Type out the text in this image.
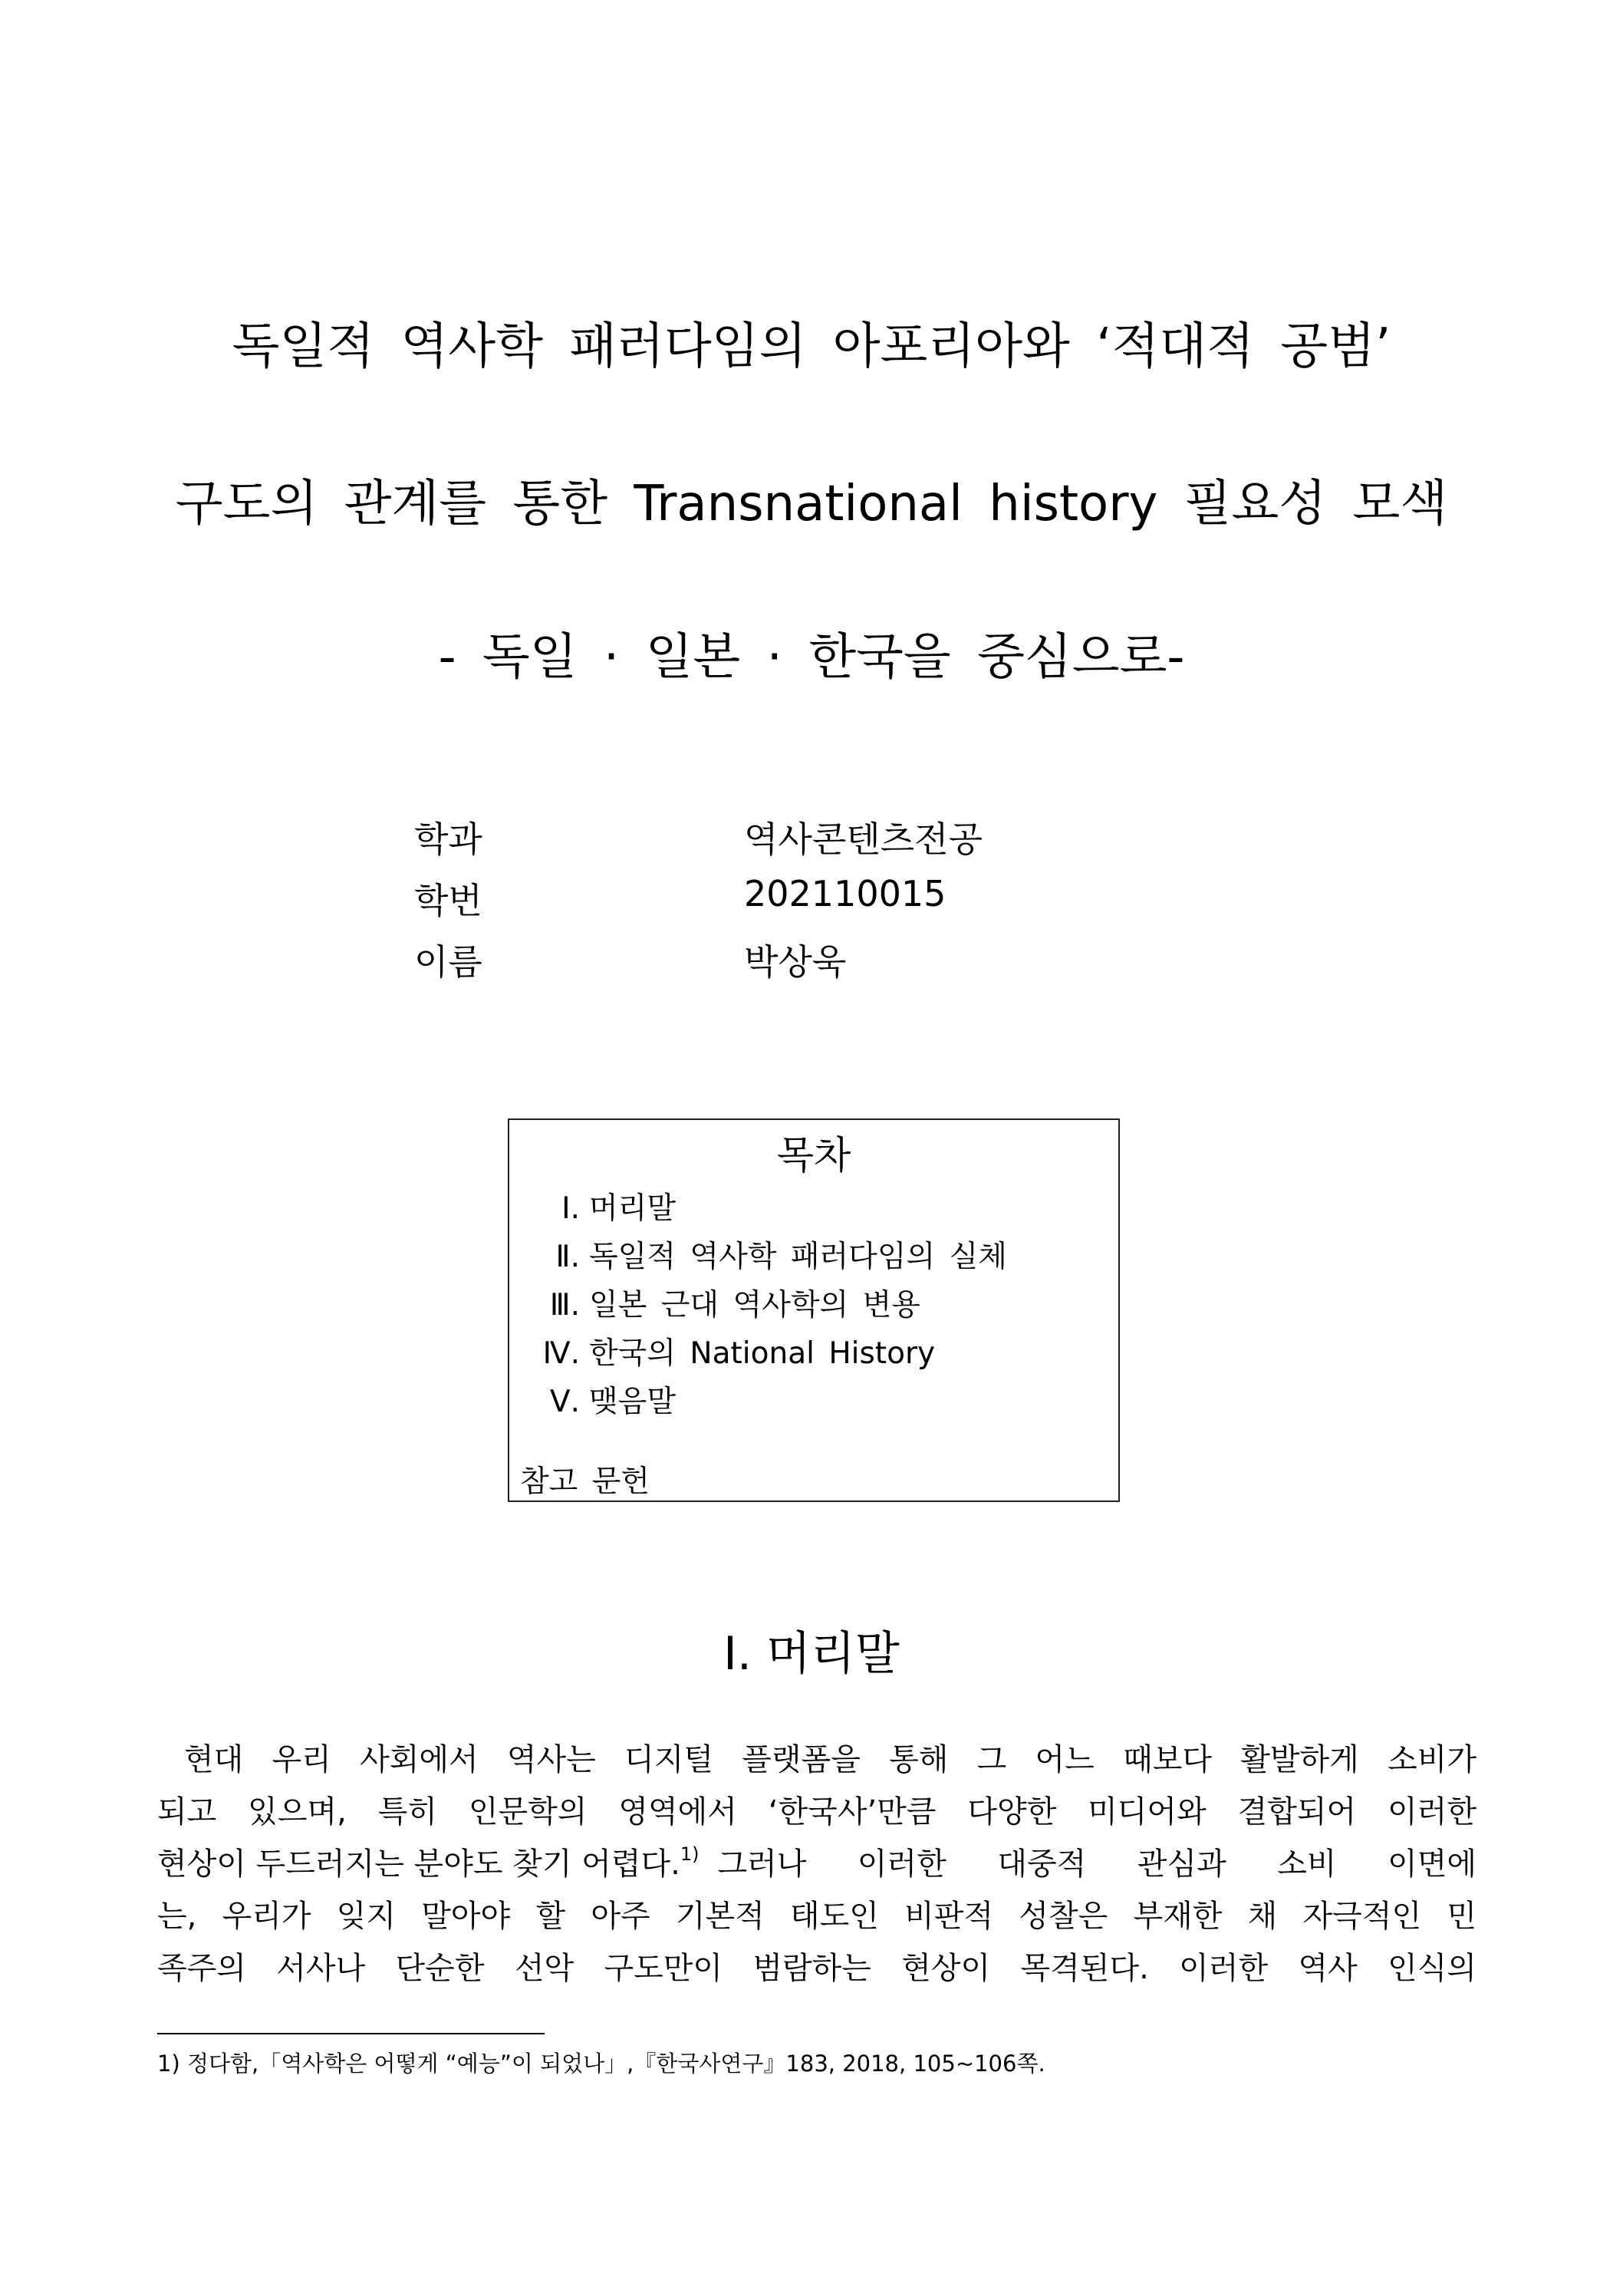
독일적 역사학 패러다임의 아포리아와 ‘적대적 공범’
구도의 관계를 통한 Transnational history 필요성 모색
- 독일 · 일본 · 한국을 중심으로-
학과	역사콘텐츠전공
학번	202110015
이름	박상욱
목차
Ⅰ. 머리말
Ⅱ. 독일적 역사학 패러다임의 실체
Ⅲ. 일본 근대 역사학의 변용
Ⅳ. 한국의 National History
Ⅴ. 맺음말
참고 문헌
Ⅰ. 머리말
현대 우리 사회에서 역사는 디지털 플랫폼을 통해 그 어느 때보다 활발하게 소비가
되고 있으며, 특히 인문학의 영역에서 ‘한국사’만큼 다양한 미디어와 결합되어 이러한
현상이 두드러지는 분야도 찾기 어렵다.$^{1)}$ 그러나 이러한 대중적 관심과 소비 이면에
는, 우리가 잊지 말아야 할 아주 기본적 태도인 비판적 성찰은 부재한 채 자극적인 민
족주의 서사나 단순한 선악 구도만이 범람하는 현상이 목격된다. 이러한 역사 인식의
1) 정다함,「역사학은 어떻게 “예능”이 되었나」,『한국사연구』183, 2018, 105~106쪽.
